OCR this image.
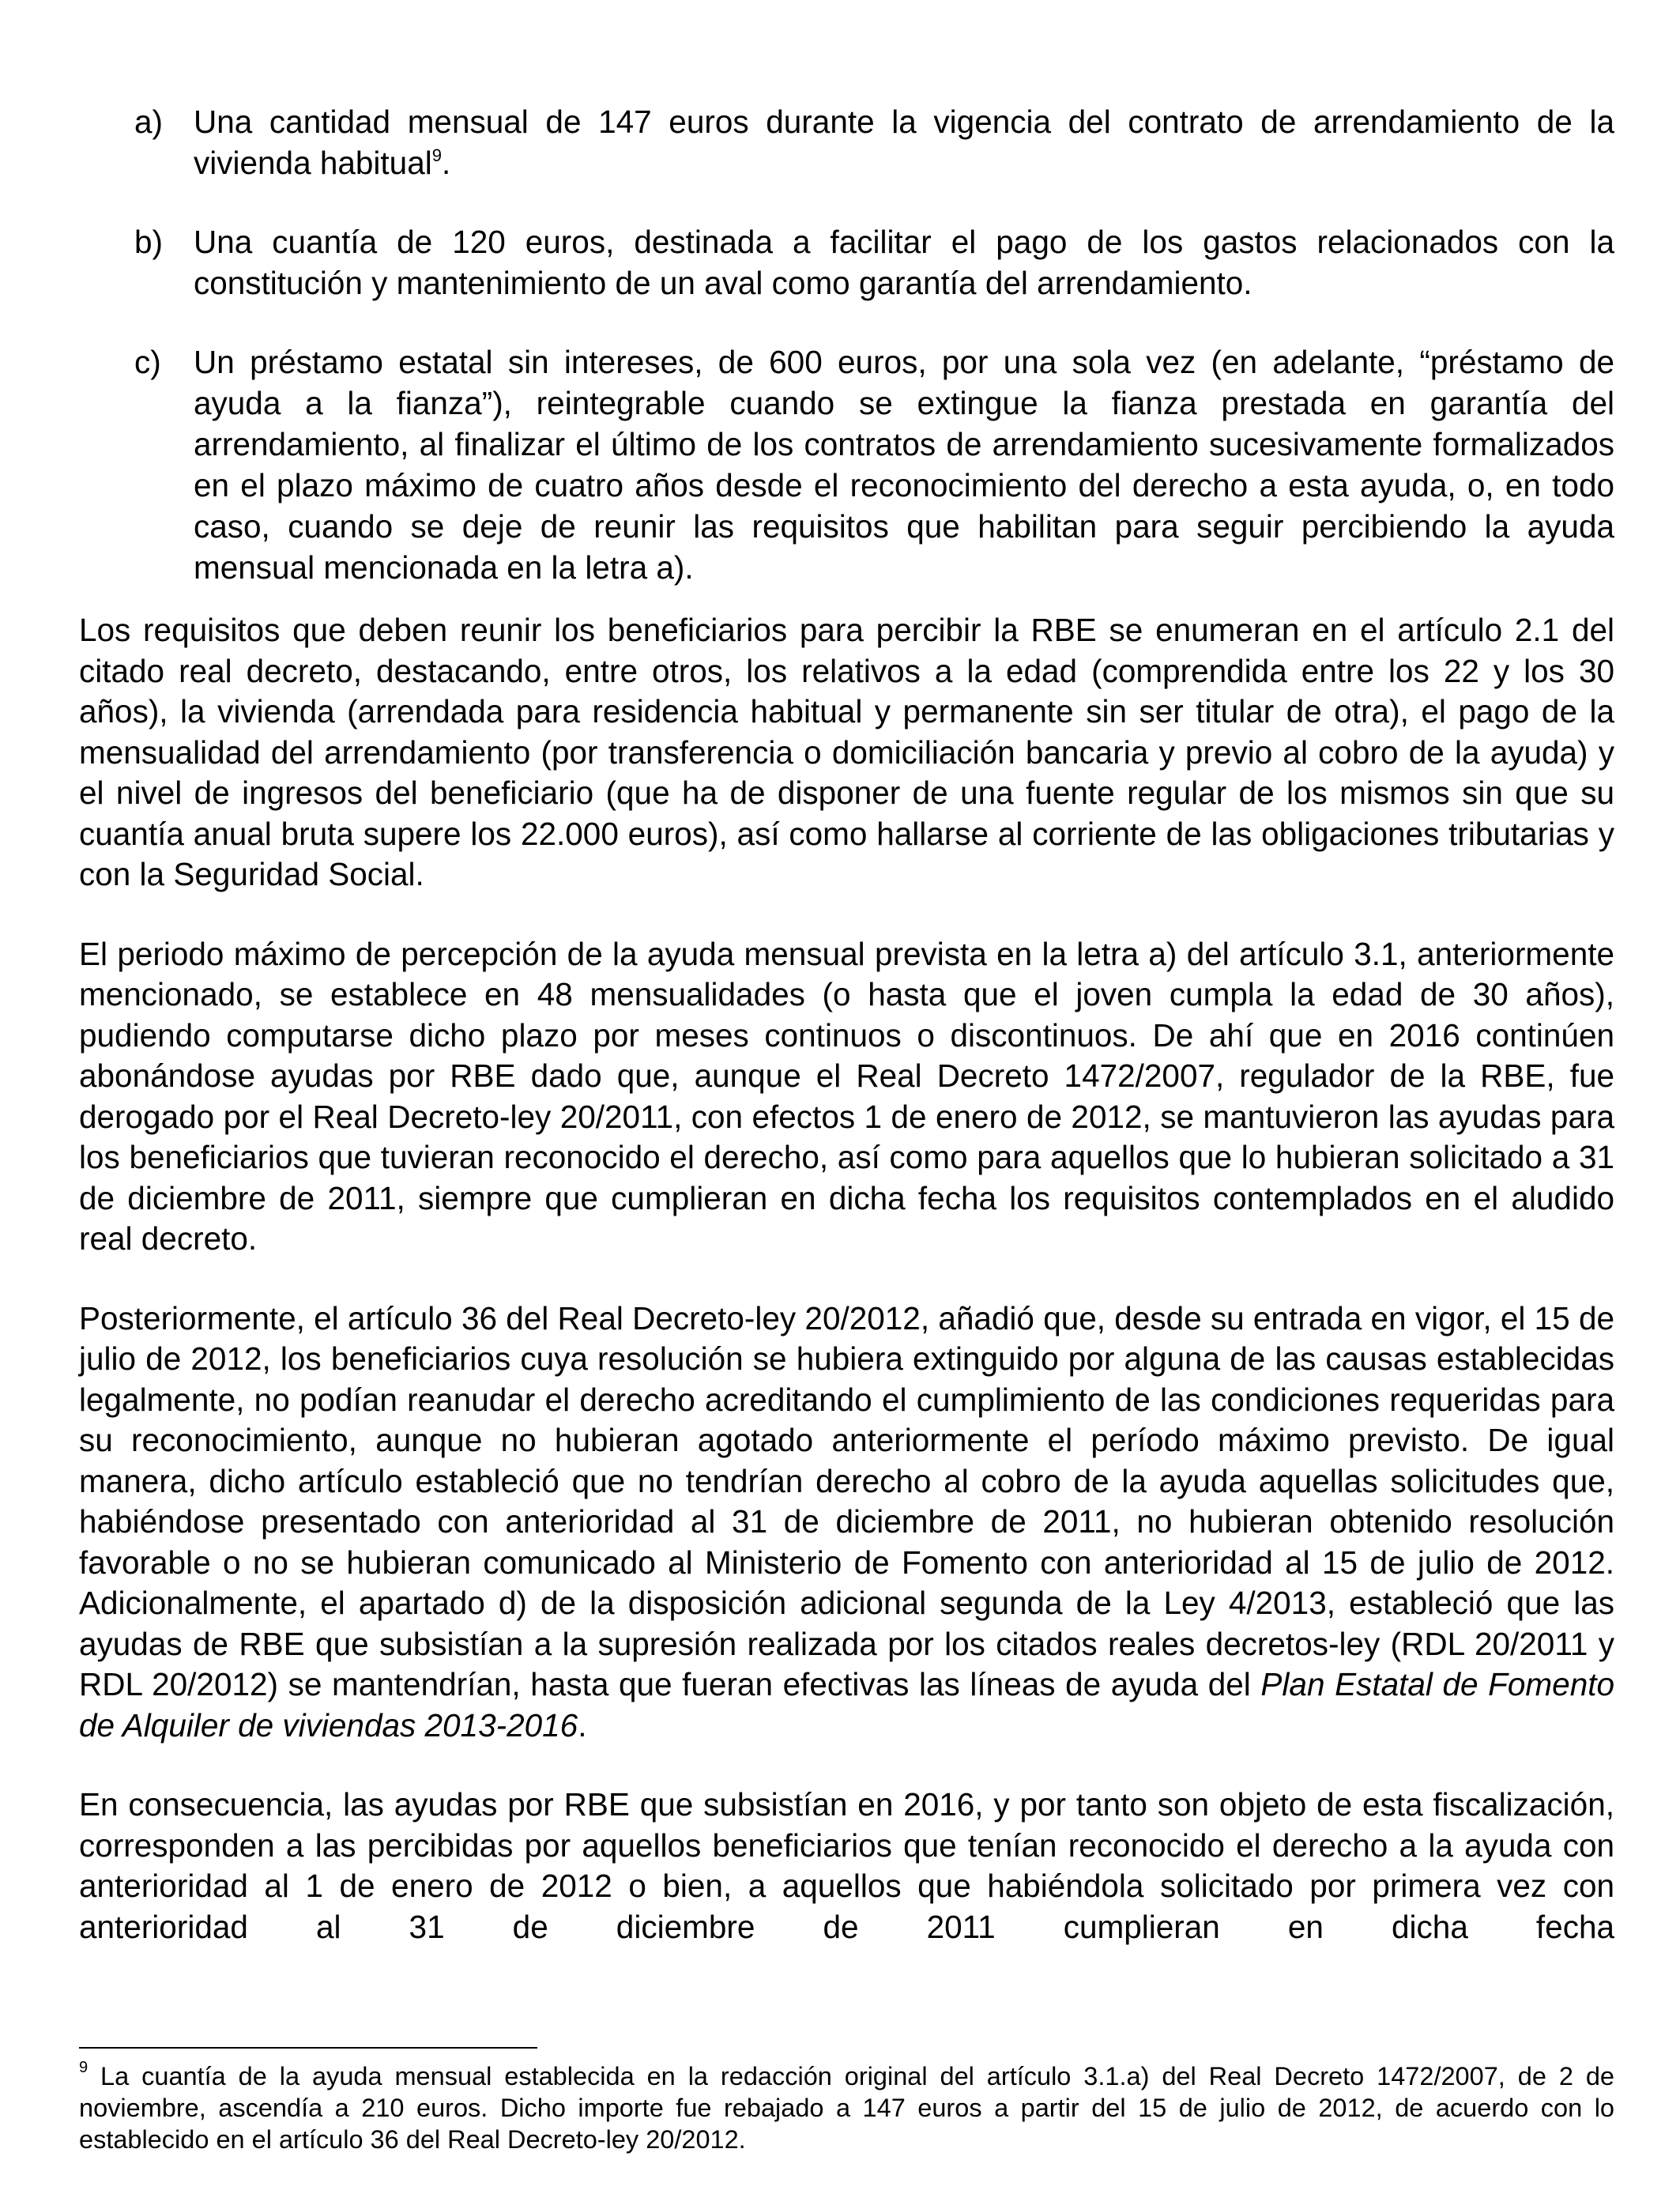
a) Una cantidad mensual de 147 euros durante la vigencia del contrato de arrendamiento de la vivienda habitual$^9$.
b) Una cuantía de 120 euros, destinada a facilitar el pago de los gastos relacionados con la constitución y mantenimiento de un aval como garantía del arrendamiento.
c) Un préstamo estatal sin intereses, de 600 euros, por una sola vez (en adelante, “préstamo de ayuda a la fianza”), reintegrable cuando se extingue la fianza prestada en garantía del arrendamiento, al finalizar el último de los contratos de arrendamiento sucesivamente formalizados en el plazo máximo de cuatro años desde el reconocimiento del derecho a esta ayuda, o, en todo caso, cuando se deje de reunir las requisitos que habilitan para seguir percibiendo la ayuda mensual mencionada en la letra a).

Los requisitos que deben reunir los beneficiarios para percibir la RBE se enumeran en el artículo 2.1 del citado real decreto, destacando, entre otros, los relativos a la edad (comprendida entre los 22 y los 30 años), la vivienda (arrendada para residencia habitual y permanente sin ser titular de otra), el pago de la mensualidad del arrendamiento (por transferencia o domiciliación bancaria y previo al cobro de la ayuda) y el nivel de ingresos del beneficiario (que ha de disponer de una fuente regular de los mismos sin que su cuantía anual bruta supere los 22.000 euros), así como hallarse al corriente de las obligaciones tributarias y con la Seguridad Social.

El periodo máximo de percepción de la ayuda mensual prevista en la letra a) del artículo 3.1, anteriormente mencionado, se establece en 48 mensualidades (o hasta que el joven cumpla la edad de 30 años), pudiendo computarse dicho plazo por meses continuos o discontinuos. De ahí que en 2016 continúen abonándose ayudas por RBE dado que, aunque el Real Decreto 1472/2007, regulador de la RBE, fue derogado por el Real Decreto-ley 20/2011, con efectos 1 de enero de 2012, se mantuvieron las ayudas para los beneficiarios que tuvieran reconocido el derecho, así como para aquellos que lo hubieran solicitado a 31 de diciembre de 2011, siempre que cumplieran en dicha fecha los requisitos contemplados en el aludido real decreto.

Posteriormente, el artículo 36 del Real Decreto-ley 20/2012, añadió que, desde su entrada en vigor, el 15 de julio de 2012, los beneficiarios cuya resolución se hubiera extinguido por alguna de las causas establecidas legalmente, no podían reanudar el derecho acreditando el cumplimiento de las condiciones requeridas para su reconocimiento, aunque no hubieran agotado anteriormente el período máximo previsto. De igual manera, dicho artículo estableció que no tendrían derecho al cobro de la ayuda aquellas solicitudes que, habiéndose presentado con anterioridad al 31 de diciembre de 2011, no hubieran obtenido resolución favorable o no se hubieran comunicado al Ministerio de Fomento con anterioridad al 15 de julio de 2012. Adicionalmente, el apartado d) de la disposición adicional segunda de la Ley 4/2013, estableció que las ayudas de RBE que subsistían a la supresión realizada por los citados reales decretos-ley (RDL 20/2011 y RDL 20/2012) se mantendrían, hasta que fueran efectivas las líneas de ayuda del Plan Estatal de Fomento de Alquiler de viviendas 2013-2016.

En consecuencia, las ayudas por RBE que subsistían en 2016, y por tanto son objeto de esta fiscalización, corresponden a las percibidas por aquellos beneficiarios que tenían reconocido el derecho a la ayuda con anterioridad al 1 de enero de 2012 o bien, a aquellos que habiéndola solicitado por primera vez con anterioridad al 31 de diciembre de 2011 cumplieran en dicha fecha

$^9$ La cuantía de la ayuda mensual establecida en la redacción original del artículo 3.1.a) del Real Decreto 1472/2007, de 2 de noviembre, ascendía a 210 euros. Dicho importe fue rebajado a 147 euros a partir del 15 de julio de 2012, de acuerdo con lo establecido en el artículo 36 del Real Decreto-ley 20/2012.
